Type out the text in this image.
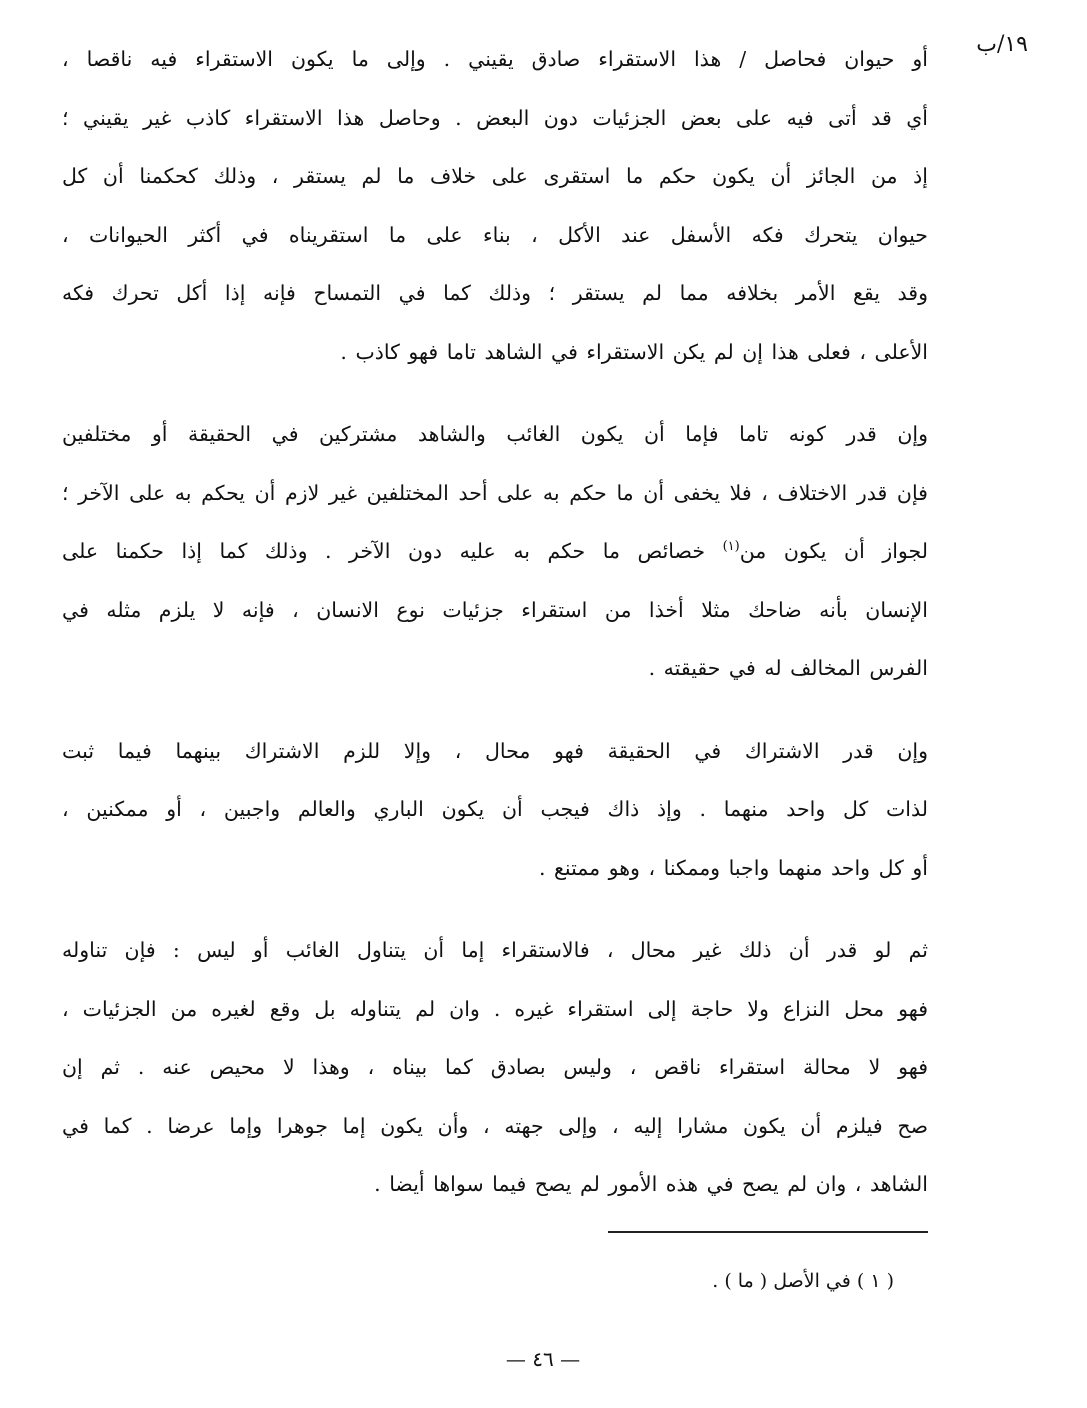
١٩/ب

أو حيوان فحاصل / هذا الاستقراء صادق يقيني . وإلى ما يكون الاستقراء فيه ناقصا ،
أي قد أتى فيه على بعض الجزئيات دون البعض . وحاصل هذا الاستقراء كاذب غير يقيني ؛
إذ من الجائز أن يكون حكم ما استقرى على خلاف ما لم يستقر ، وذلك كحكمنا أن كل
حيوان يتحرك فكه الأسفل عند الأكل ، بناء على ما استقريناه في أكثر الحيوانات ،
وقد يقع الأمر بخلافه مما لم يستقر ؛ وذلك كما في التمساح فإنه إذا أكل تحرك فكه
الأعلى ، فعلى هذا إن لم يكن الاستقراء في الشاهد تاما فهو كاذب .

وإن قدر كونه تاما فإما أن يكون الغائب والشاهد مشتركين في الحقيقة أو مختلفين
فإن قدر الاختلاف ، فلا يخفى أن ما حكم به على أحد المختلفين غير لازم أن يحكم به على الآخر ؛
لجواز أن يكون من$^{(١)}$ خصائص ما حكم به عليه دون الآخر . وذلك كما إذا حكمنا على
الإنسان بأنه ضاحك مثلا أخذا من استقراء جزئيات نوع الانسان ، فإنه لا يلزم مثله في
الفرس المخالف له في حقيقته .

وإن قدر الاشتراك في الحقيقة فهو محال ، وإلا للزم الاشتراك بينهما فيما ثبت
لذات كل واحد منهما . وإذ ذاك فيجب أن يكون الباري والعالم واجبين ، أو ممكنين ،
أو كل واحد منهما واجبا وممكنا ، وهو ممتنع .

ثم لو قدر أن ذلك غير محال ، فالاستقراء إما أن يتناول الغائب أو ليس : فإن تناوله
فهو محل النزاع ولا حاجة إلى استقراء غيره . وان لم يتناوله بل وقع لغيره من الجزئيات ،
فهو لا محالة استقراء ناقص ، وليس بصادق كما بيناه ، وهذا لا محيص عنه . ثم إن
صح فيلزم أن يكون مشارا إليه ، وإلى جهته ، وأن يكون إما جوهرا وإما عرضا . كما في
الشاهد ، وان لم يصح في هذه الأمور لم يصح فيما سواها أيضا .

( ١ ) في الأصل ( ما ) .
— ٤٦ —
